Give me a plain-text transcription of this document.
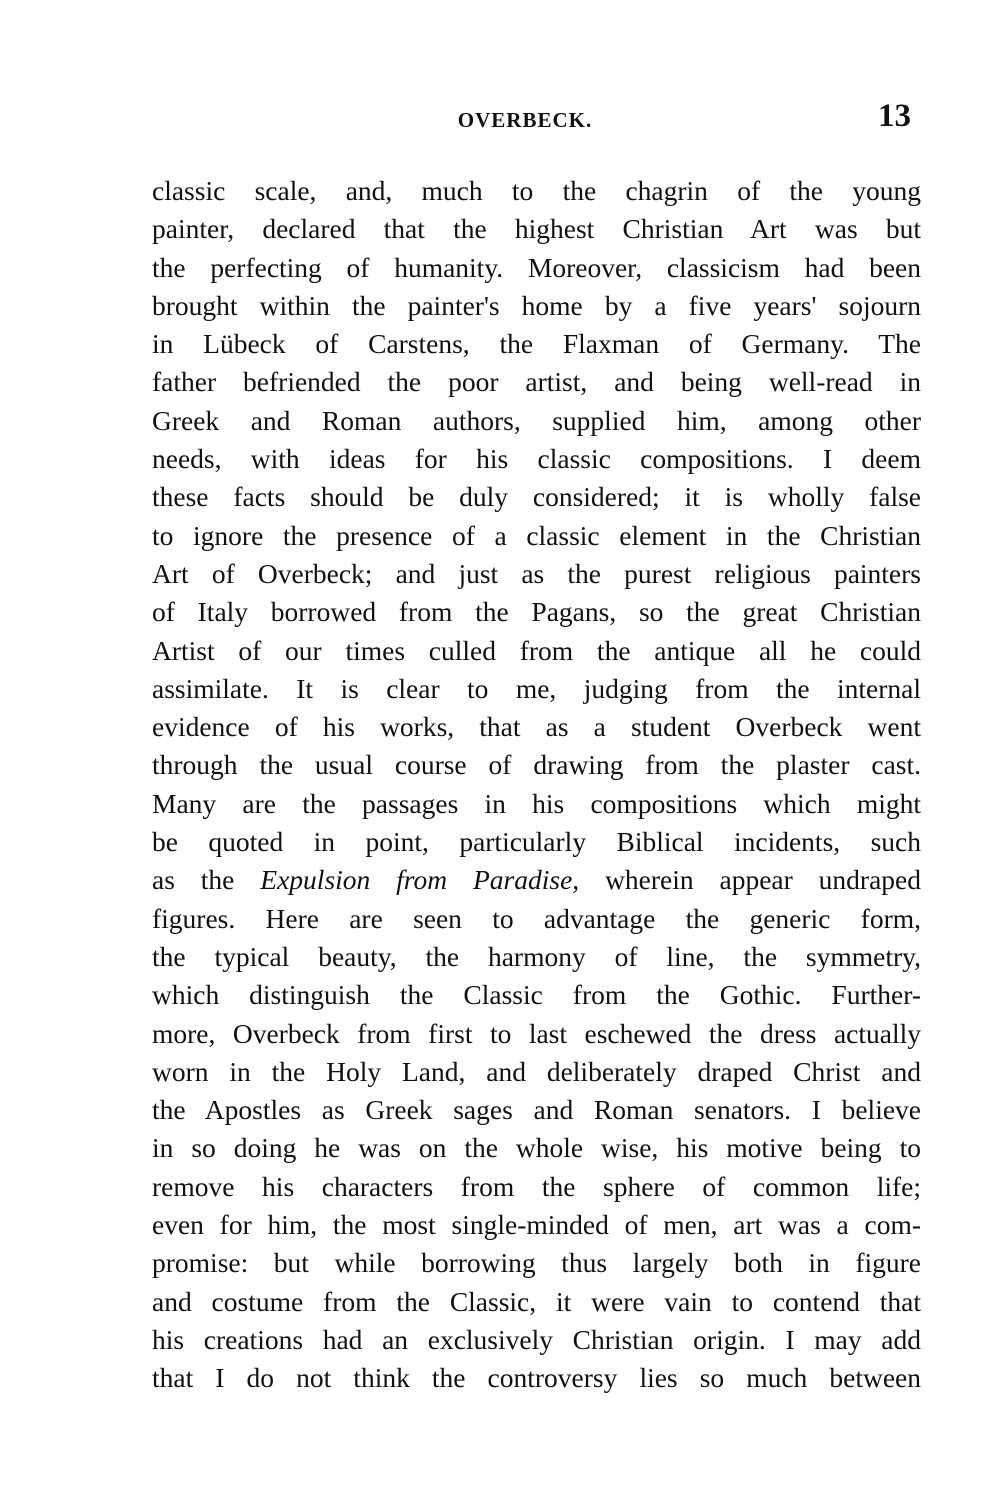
OVERBECK.	13
classic scale, and, much to the chagrin of the young
painter, declared that the highest Christian Art was but
the perfecting of humanity. Moreover, classicism had been
brought within the painter's home by a five years' sojourn
in Lübeck of Carstens, the Flaxman of Germany. The
father befriended the poor artist, and being well-read in
Greek and Roman authors, supplied him, among other
needs, with ideas for his classic compositions. I deem
these facts should be duly considered; it is wholly false
to ignore the presence of a classic element in the Christian
Art of Overbeck; and just as the purest religious painters
of Italy borrowed from the Pagans, so the great Christian
Artist of our times culled from the antique all he could
assimilate. It is clear to me, judging from the internal
evidence of his works, that as a student Overbeck went
through the usual course of drawing from the plaster cast.
Many are the passages in his compositions which might
be quoted in point, particularly Biblical incidents, such
as the Expulsion from Paradise, wherein appear undraped
figures. Here are seen to advantage the generic form,
the typical beauty, the harmony of line, the symmetry,
which distinguish the Classic from the Gothic. Further-
more, Overbeck from first to last eschewed the dress actually
worn in the Holy Land, and deliberately draped Christ and
the Apostles as Greek sages and Roman senators. I believe
in so doing he was on the whole wise, his motive being to
remove his characters from the sphere of common life;
even for him, the most single-minded of men, art was a com-
promise: but while borrowing thus largely both in figure
and costume from the Classic, it were vain to contend that
his creations had an exclusively Christian origin. I may add
that I do not think the controversy lies so much between
